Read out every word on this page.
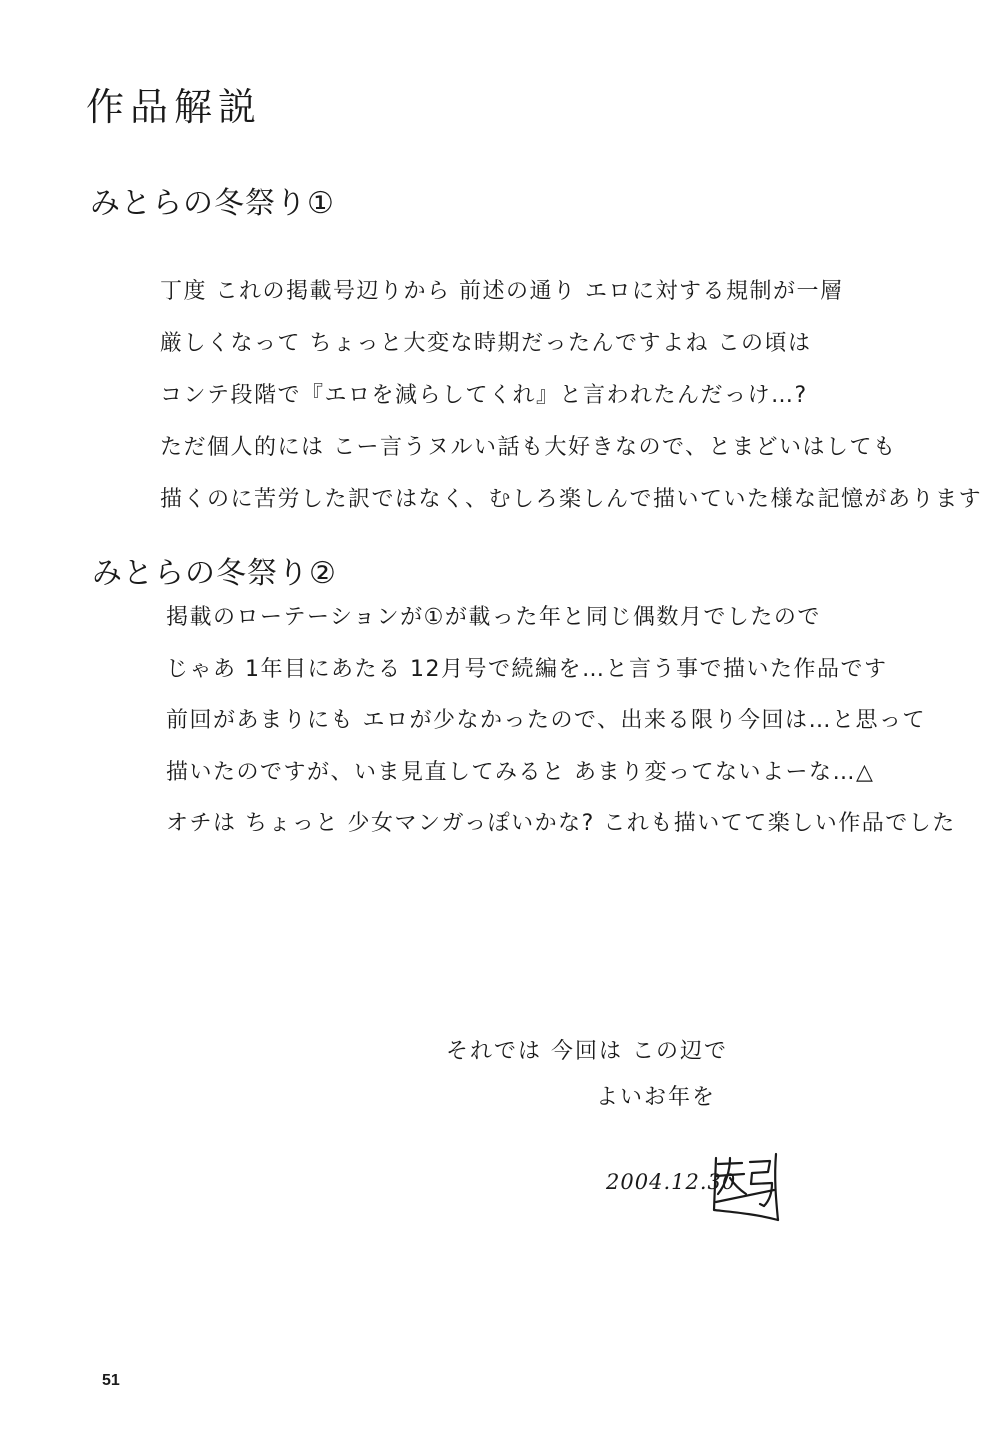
作品解説
みとらの冬祭り①
丁度 これの掲載号辺りから 前述の通り エロに対する規制が一層
厳しくなって ちょっと大変な時期だったんですよね この頃は
コンテ段階で『エロを減らしてくれ』と言われたんだっけ…?
ただ個人的には こー言うヌルい話も大好きなので、とまどいはしても
描くのに苦労した訳ではなく、むしろ楽しんで描いていた様な記憶があります
みとらの冬祭り②
掲載のローテーションが①が載った年と同じ偶数月でしたので
じゃあ 1年目にあたる 12月号で続編を…と言う事で描いた作品です
前回があまりにも エロが少なかったので、出来る限り今回は…と思って
描いたのですが、いま見直してみると あまり変ってないよーな…△
オチは ちょっと 少女マンガっぽいかな? これも描いてて楽しい作品でした
それでは 今回は この辺で
よいお年を
2004.12.30
51
